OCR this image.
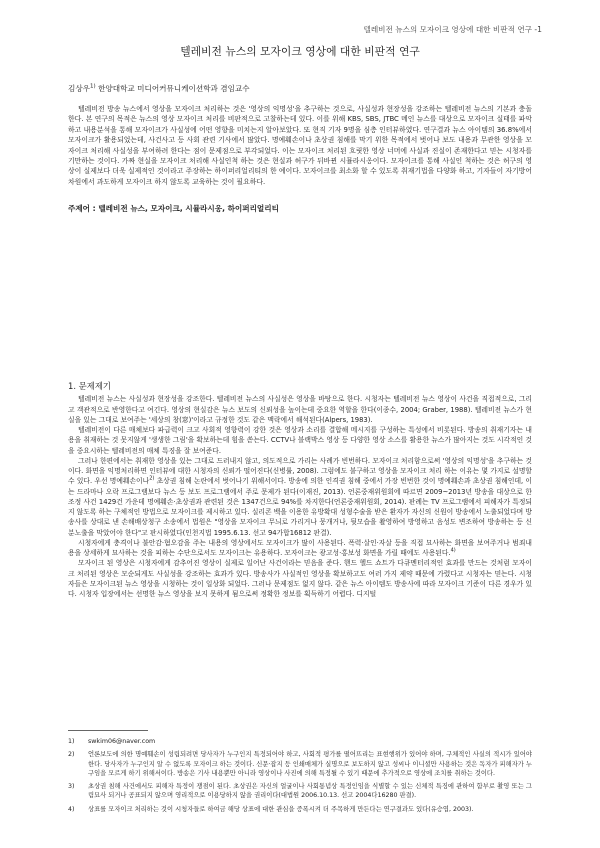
텔레비전 뉴스의 모자이크 영상에 대한 비판적 연구 -1
텔레비전 뉴스의 모자이크 영상에 대한 비판적 연구
김상우$^{1)}$ 한양대학교 미디어커뮤니케이션학과 겸임교수
텔레비전 방송 뉴스에서 영상을 모자이크 처리하는 것은 '영상의 익명성'을 추구하는 것으로, 사실성과 현장성을 강조하는 텔레비전 뉴스의 기본과 충돌한다. 본 연구의 목적은 뉴스의 영상 모자이크 처리를 비판적으로 고찰하는데 있다. 이를 위해 KBS, SBS, JTBC 메인 뉴스를 대상으로 모자이크 실태를 파악하고 내용분석을 통해 모자이크가 사실성에 어떤 영향을 미치는지 알아보았다. 또 현직 기자 9명을 심층 인터뷰하였다. 연구결과 뉴스 아이템의 36.8%에서 모자이크가 활용되었는데, 사건사고 등 사회 관련 기사에서 많았다. 명예훼손이나 초상권 침해를 막기 위한 목적에서 벗어나 보도 내용과 무관한 영상을 모자이크 처리해 사실성을 부여하려 한다는 점이 문제점으로 부각되었다. 이는 모자이크 처리된 흐릿한 영상 너머에 사실과 진실이 존재한다고 믿는 시청자를 기만하는 것이다. 가짜 현실을 모자이크 처리해 사실인척 하는 것은 현실과 허구가 뒤바뀐 시뮬라시옹이다. 모자이크를 통해 사실인 척하는 것은 허구의 영상이 실제보다 더욱 실제적인 것이라고 주장하는 하이퍼리얼리티의 한 예이다. 모자이크를 최소화 할 수 있도록 취재기법을 다양화 하고, 기자들이 자기방어 차원에서 과도하게 모자이크 하지 않도록 교육하는 것이 필요하다.
주제어 : 텔레비전 뉴스, 모자이크, 시뮬라시옹, 하이퍼리얼리티
1. 문제제기

텔레비전 뉴스는 사실성과 현장성을 강조한다. 텔레비전 뉴스의 사실성은 영상을 바탕으로 한다. 시청자는 텔레비전 뉴스 영상이 사건을 직접적으로, 그리고 객관적으로 반영한다고 여긴다. 영상의 현실감은 뉴스 보도의 신뢰성을 높이는데 중요한 역할을 한다(이종수, 2004; Graber, 1988). 텔레비전 뉴스가 현실을 있는 그대로 보여주는 '세상의 창(窓)'이라고 규정한 것도 같은 맥락에서 해석된다(Alpers, 1983).

텔레비전이 다른 매체보다 파급력이 크고 사회적 영향력이 강한 것은 영상과 소리를 결합해 메시지를 구성하는 특성에서 비롯된다. 방송의 취재기자는 내용을 취재하는 것 못지않게 '생생한 그림'을 확보하는데 힘을 쏟는다. CCTV나 블랙박스 영상 등 다양한 영상 소스를 활용한 뉴스가 많아지는 것도 시각적인 것을 중요시하는 텔레비전의 매체 특징을 잘 보여준다.

그러나 한편에서는 취재한 영상을 있는 그대로 드러내지 않고, 의도적으로 가리는 사례가 빈번하다. 모자이크 처리함으로써 '영상의 익명성'을 추구하는 것이다. 화면을 익명처리하면 인터뷰에 대한 시청자의 신뢰가 떨어진다(신병률, 2008). 그럼에도 불구하고 영상을 모자이크 처리 하는 이유는 몇 가지로 설명할 수 있다. 우선 명예훼손이나$^{2)}$ 초상권 침해 논란에서 벗어나기 위해서이다. 방송에 의한 인격권 침해 중에서 가장 빈번한 것이 명예훼손과 초상권 침해인데, 이는 드라마나 오락 프로그램보다 뉴스 등 보도 프로그램에서 주로 문제가 된다(이재진, 2013). 언론중재위원회에 따르면 2009~2013년 방송을 대상으로 한 조정 사건 1429건 가운데 명예훼손·초상권과 관련된 것은 1347건으로 94%를 차지한다(언론중재위원회, 2014). 판례는 TV 프로그램에서 피해자가 특정되지 않도록 하는 구체적인 방법으로 모자이크를 제시하고 있다. 실리콘 백을 이용한 유방확대 성형수술을 받은 환자가 자신의 신원이 방송에서 노출되었다며 방송사를 상대로 낸 손해배상청구 소송에서 법원은 "영상을 모자이크 무늬로 가리거나 뭉개거나, 뒷모습을 촬영하여 방영하고 음성도 변조하여 방송하는 등 신분노출을 막았어야 한다"고 판시하였다(인천지법 1995.6.13. 선고 94가합16812 판결).

시청자에게 충격이나 불안감·혐오감을 주는 내용의 영상에서도 모자이크가 많이 사용된다. 폭력·살인·자살 등을 직접 묘사하는 화면을 보여주거나 범죄내용을 상세하게 묘사하는 것을 피하는 수단으로서도 모자이크는 유용하다. 모자이크는 광고성·홍보성 화면을 가릴 때에도 사용된다.$^{4)}$

모자이크 된 영상은 시청자에게 감추어진 영상이 실제로 일어난 사건이라는 믿음을 준다. 핸드 헬드 쇼트가 다큐멘터리적인 효과를 만드는 것처럼 모자이크 처리된 영상은 모순되게도 사실성을 강조하는 효과가 있다. 방송사가 사실적인 영상을 확보하고도 여러 가지 제약 때문에 가렸다고 시청자는 믿는다. 시청자들은 모자이크된 뉴스 영상을 시청하는 것이 일상화 되었다. 그러나 문제점도 없지 않다. 같은 뉴스 아이템도 방송사에 따라 모자이크 기준이 다른 경우가 있다. 시청자 입장에서는 선명한 뉴스 영상을 보지 못하게 됨으로써 정확한 정보를 획득하기 어렵다. 디지털

1)	swkim06@naver.com
2)	언론보도에 의한 명예훼손이 성립되려면 당사자가 누구인지 특정되어야 하고, 사회적 평가를 떨어뜨리는 표현행위가 있어야 하며, 구체적인 사실의 적시가 있어야 한다. 당사자가 누구인지 알 수 없도록 모자이크 하는 것이다. 신문·잡지 등 인쇄매체가 실명으로 보도하지 않고 성씨나 이니셜만 사용하는 것은 독자가 피해자가 누구임을 모르게 하기 위해서이다. 방송은 기사 내용뿐만 아니라 영상이나 사진에 의해 특정될 수 있기 때문에 추가적으로 영상에 조치를 취하는 것이다.
3)	초상권 침해 사건에서도 피해자 특정이 쟁점이 된다. 초상권은 자신의 얼굴이나 사회통념상 특정인임을 식별할 수 있는 신체적 특징에 관하여 함부로 촬영 또는 그림묘사 되거나 공표되지 않으며 영리적으로 이용당하지 않을 권리이다(대법원 2006.10.13. 선고 2004다16280 판결).
4)	상표를 모자이크 처리하는 것이 시청자들로 하여금 해당 상표에 대한 관심을 증폭시켜 더 주목하게 만든다는 연구결과도 있다(유승엽, 2003).
